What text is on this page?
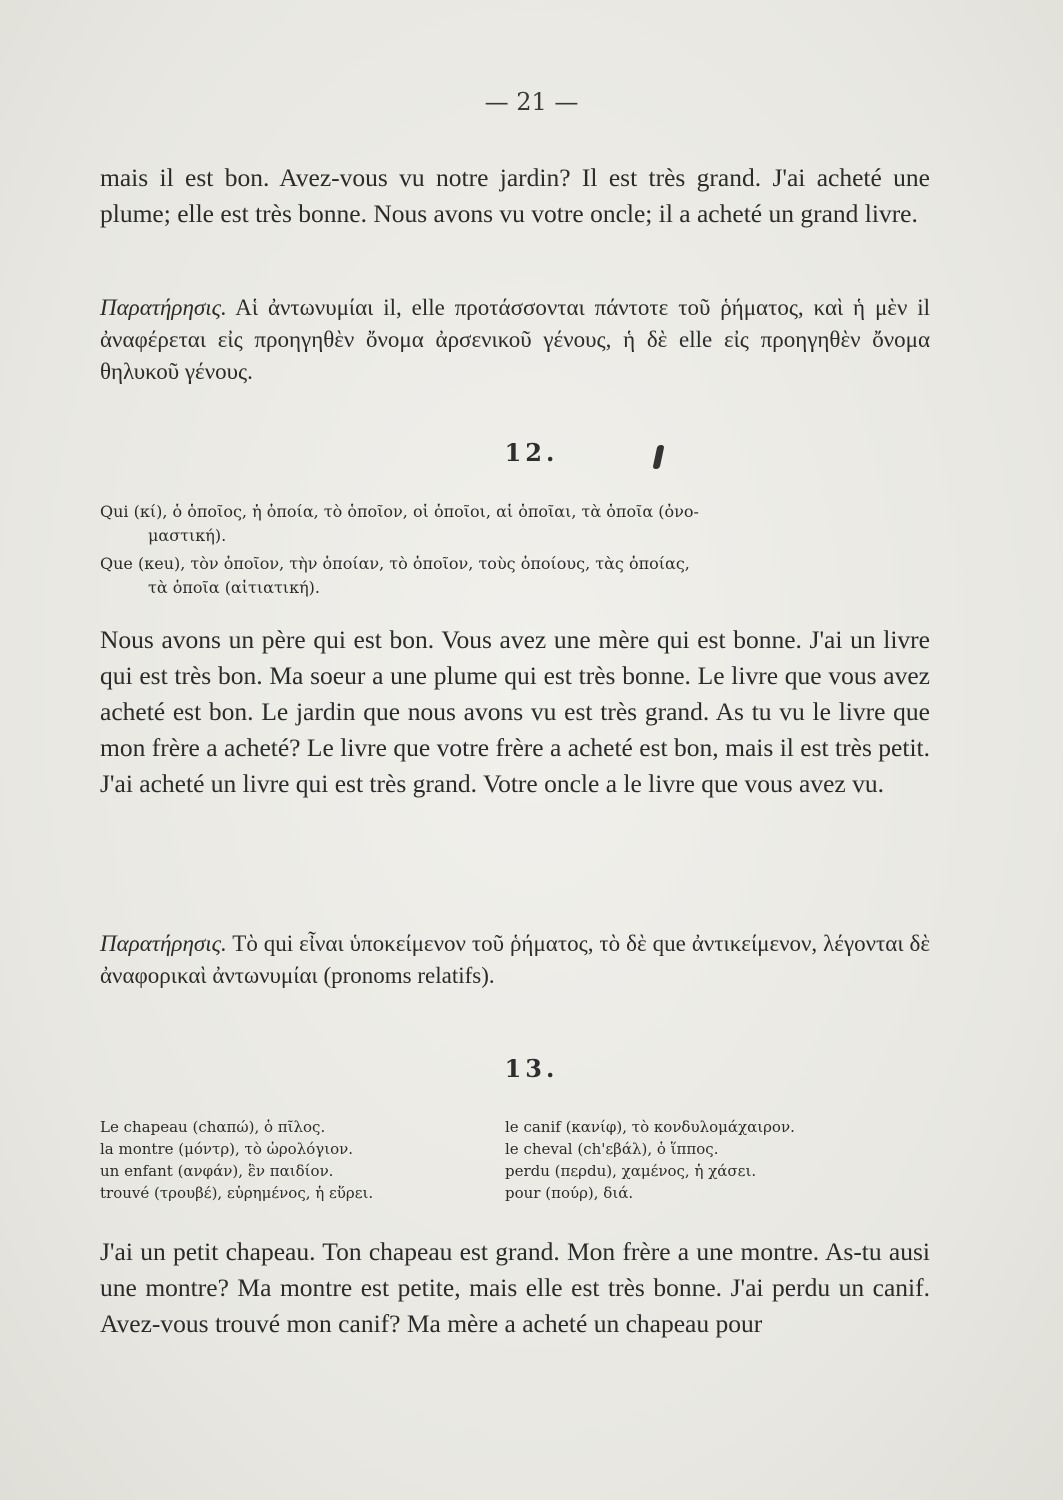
— 21 —

mais il est bon. Avez-vous vu notre jardin? Il est très grand. J'ai acheté une plume; elle est très bonne. Nous avons vu votre oncle; il a acheté un grand livre.

Παρατήρησις. Αἱ ἀντωνυμίαι il, elle προτάσσονται πάντοτε τοῦ ῥήματος, καὶ ἡ μὲν il ἀναφέρεται εἰς προηγηθὲν ὄνομα ἀρσενικοῦ γένους, ἡ δὲ elle εἰς προηγηθὲν ὄνομα θηλυκοῦ γένους.

12.
Qui (κί), ὁ ὁποῖος, ἡ ὁποία, τὸ ὁποῖον, οἱ ὁποῖοι, αἱ ὁποῖαι, τὰ ὁποῖα (ὀνο-
μαστική).
Que (κeu), τὸν ὁποῖον, τὴν ὁποίαν, τὸ ὁποῖον, τοὺς ὁποίους, τὰς ὁποίας,
τὰ ὁποῖα (αἰτιατική).

Nous avons un père qui est bon. Vous avez une mère qui est bonne. J'ai un livre qui est très bon. Ma soeur a une plume qui est très bonne. Le livre que vous avez acheté est bon. Le jardin que nous avons vu est très grand. As tu vu le livre que mon frère a acheté? Le livre que votre frère a acheté est bon, mais il est très petit. J'ai acheté un livre qui est très grand. Votre oncle a le livre que vous avez vu.

Παρατήρησις. Τὸ qui εἶναι ὑποκείμενον τοῦ ῥήματος, τὸ δὲ que ἀντικείμενον, λέγονται δὲ ἀναφορικαὶ ἀντωνυμίαι (pronoms relatifs).

13.
Le chapeau (chαπώ), ὁ πῖλος.	le canif (κανίφ), τὸ κονδυλομάχαιρον.
la montre (μόντρ), τὸ ὡρολόγιον.	le cheval (ch'εβάλ), ὁ ἵππος.
un enfant (ανφάν), ἓν παιδίον.	perdu (περdu), χαμένος, ἡ χάσει.
trouvé (τρουβέ), εὑρημένος, ἡ εὕρει.	pour (πούρ), διά.

J'ai un petit chapeau. Ton chapeau est grand. Mon frère a une montre. As-tu ausi une montre? Ma montre est petite, mais elle est très bonne. J'ai perdu un canif. Avez-vous trouvé mon canif? Ma mère a acheté un chapeau pour
